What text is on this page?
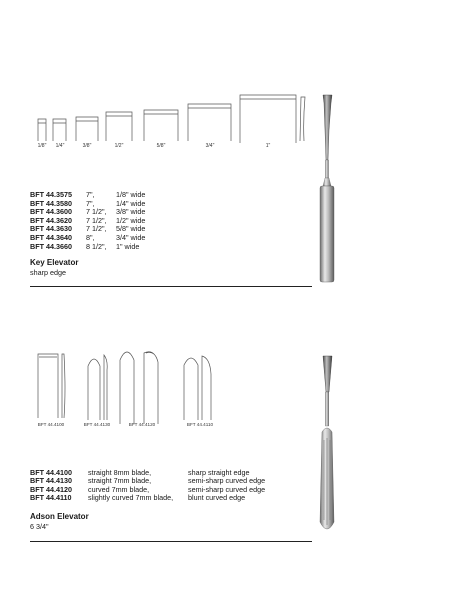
1/8"	1/4"	3/8"	1/2"	5/8"	3/4"	1"
BFT 44.3575	7",	1/8" wide
BFT 44.3580	7",	1/4" wide
BFT 44.3600	7 1/2",	3/8" wide
BFT 44.3620	7 1/2",	1/2" wide
BFT 44.3630	7 1/2",	5/8" wide
BFT 44.3640	8",	3/4" wide
BFT 44.3660	8 1/2",	1" wide
Key Elevator
sharp edge
BFT 44.4100	BFT 44.4130	BFT 44.4120	BFT 44.4110
BFT 44.4100	straight 8mm blade,	sharp straight edge
BFT 44.4130	straight 7mm blade,	semi-sharp curved edge
BFT 44.4120	curved 7mm blade,	semi-sharp curved edge
BFT 44.4110	slightly curved 7mm blade,	blunt curved edge
Adson Elevator
6 3/4"
